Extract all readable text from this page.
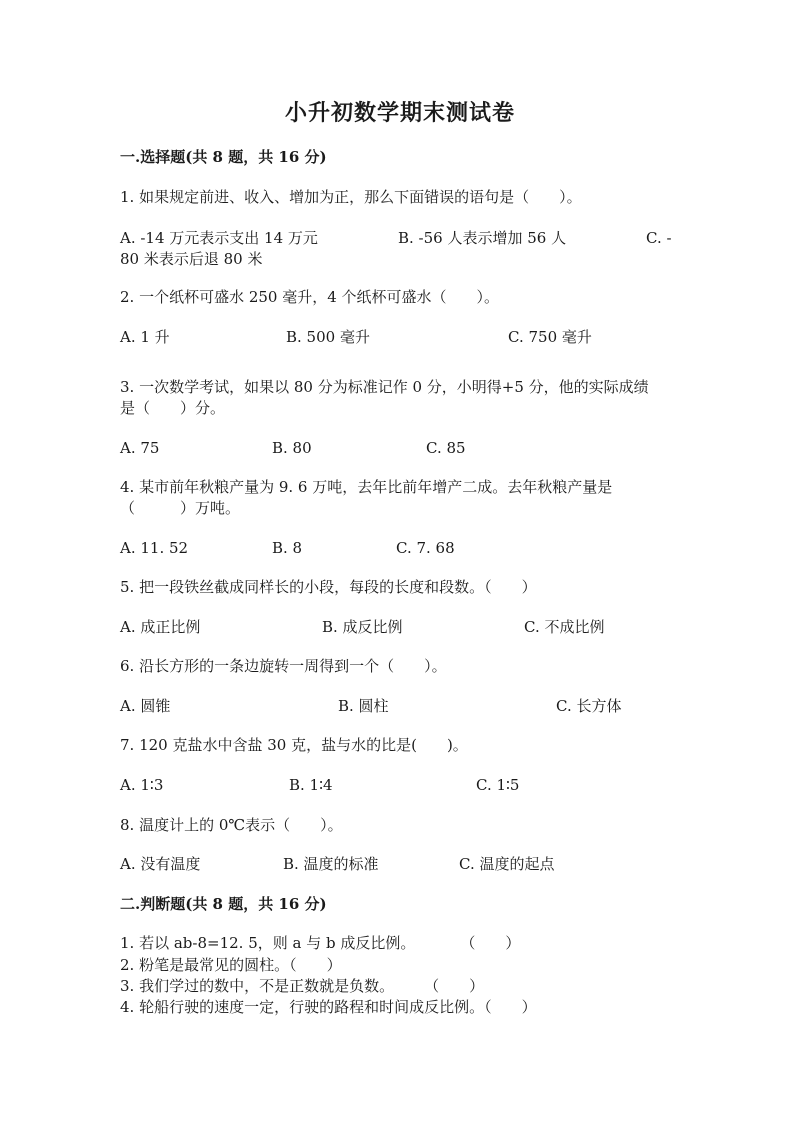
小升初数学期末测试卷
一.选择题(共 8 题，共 16 分)
1. 如果规定前进、收入、增加为正，那么下面错误的语句是（　　）。
A. -14 万元表示支出 14 万元	B. -56 人表示增加 56 人	C. -
80 米表示后退 80 米
2. 一个纸杯可盛水 250 毫升，4 个纸杯可盛水（　　）。
A. 1 升	B. 500 毫升	C. 750 毫升
3. 一次数学考试，如果以 80 分为标准记作 0 分，小明得+5 分，他的实际成绩
是（　　）分。
A. 75	B. 80	C. 85
4. 某市前年秋粮产量为 9. 6 万吨，去年比前年增产二成。去年秋粮产量是
（　　　）万吨。
A. 11. 52	B. 8	C. 7. 68
5. 把一段铁丝截成同样长的小段，每段的长度和段数。（　　）
A. 成正比例	B. 成反比例	C. 不成比例
6. 沿长方形的一条边旋转一周得到一个（　　）。
A. 圆锥	B. 圆柱	C. 长方体
7. 120 克盐水中含盐 30 克，盐与水的比是(　　)。
A. 1∶3	B. 1∶4	C. 1∶5
8. 温度计上的 0℃表示（　　）。
A. 没有温度	B. 温度的标准	C. 温度的起点
二.判断题(共 8 题，共 16 分)
1. 若以 ab-8=12. 5，则 a 与 b 成反比例。　　　　（　　）
2. 粉笔是最常见的圆柱。（　　）
3. 我们学过的数中，不是正数就是负数。　　　（　　）
4. 轮船行驶的速度一定，行驶的路程和时间成反比例。（　　）
